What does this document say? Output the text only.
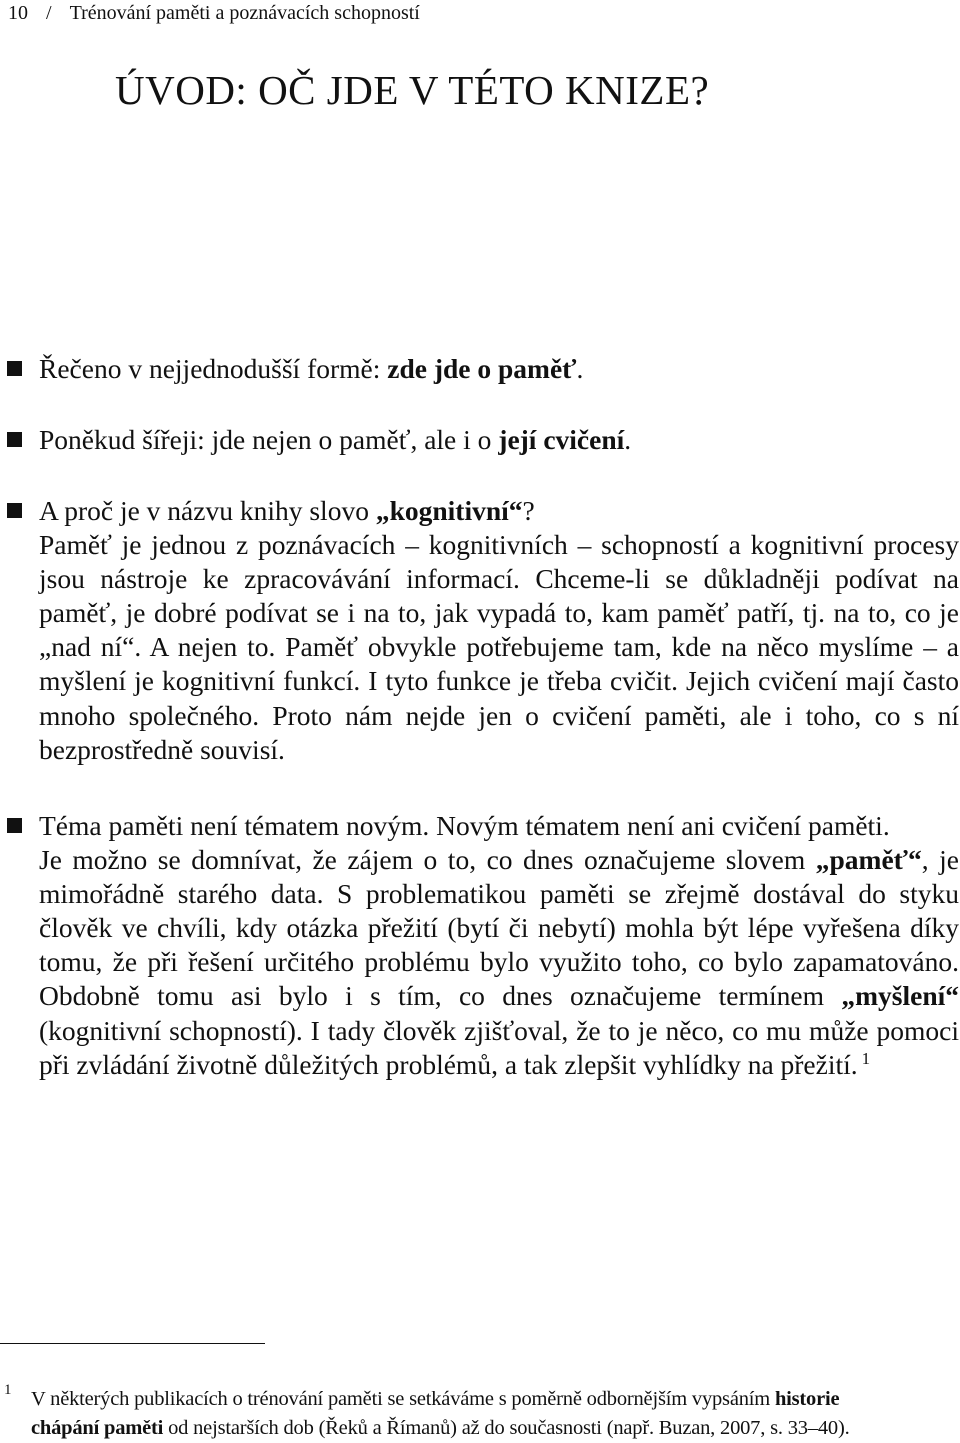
10 / Trénování paměti a poznávacích schopností
ÚVOD: OČ JDE V TÉTO KNIZE?
Řečeno v nejjednodušší formě: zde jde o paměť.
Poněkud šířeji: jde nejen o paměť, ale i o její cvičení.
A proč je v názvu knihy slovo „kognitivní“?
Paměť je jednou z poznávacích – kognitivních – schopností a kognitivní procesy jsou nástroje ke zpracovávání informací. Chceme-li se důkladněji podívat na paměť, je dobré podívat se i na to, jak vypadá to, kam paměť patří, tj. na to, co je „nad ní“. A nejen to. Paměť obvykle potřebujeme tam, kde na něco myslíme – a myšlení je kognitivní funkcí. I tyto funkce je třeba cvičit. Jejich cvičení mají často mnoho společného. Proto nám nejde jen o cvičení paměti, ale i toho, co s ní bezprostředně souvisí.
Téma paměti není tématem novým. Novým tématem není ani cvičení paměti.
Je možno se domnívat, že zájem o to, co dnes označujeme slovem „paměť“, je mimořádně starého data. S problematikou paměti se zřejmě dostával do styku člověk ve chvíli, kdy otázka přežití (bytí či nebytí) mohla být lépe vyřešena díky tomu, že při řešení určitého problému bylo využito toho, co bylo zapamatováno. Obdobně tomu asi bylo i s tím, co dnes označujeme termínem „myšlení“ (kognitivní schopností). I tady člověk zjišťoval, že to je něco, co mu může pomoci při zvládání životně důležitých problémů, a tak zlepšit vyhlídky na přežití. $^1$
1 V některých publikacích o trénování paměti se setkáváme s poměrně odbornějším vypsáním historie
chápání paměti od nejstarších dob (Řeků a Římanů) až do současnosti (např. Buzan, 2007, s. 33–40).
